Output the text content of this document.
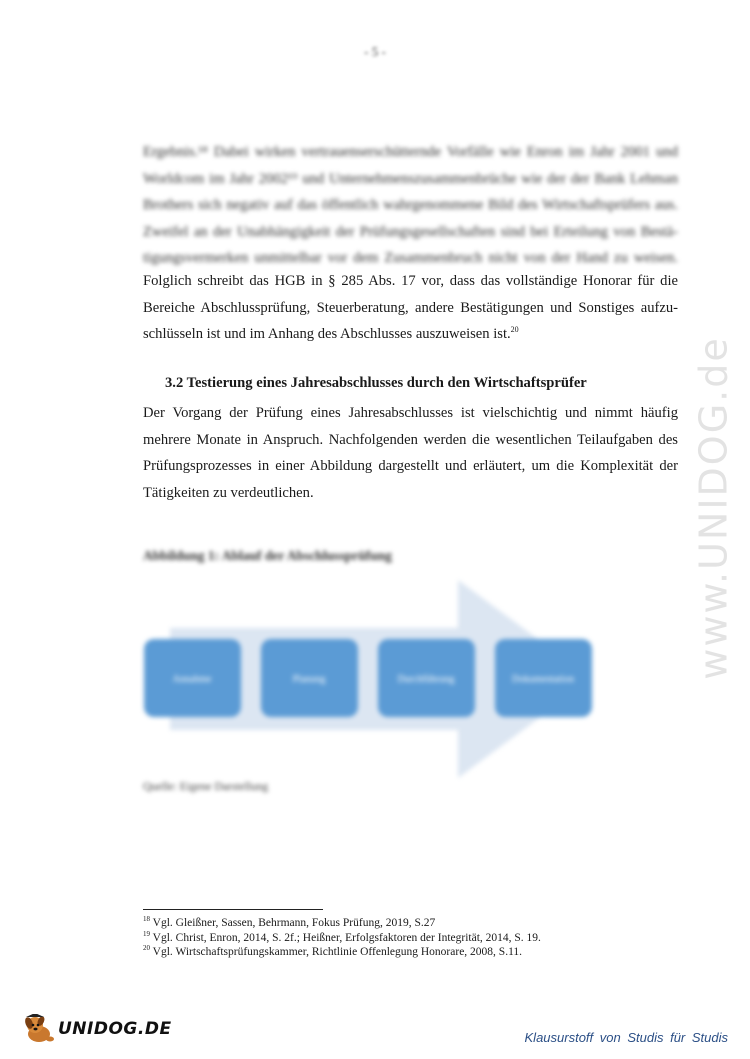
- 5 -

Ergebnis.¹⁸ Dabei wirken vertrauenserschütternde Vorfälle wie Enron im Jahr 2001 und
Worldcom im Jahr 2002¹⁹ und Unternehmenszusammenbrüche wie der der Bank Lehman
Brothers sich negativ auf das öffentlich wahrgenommene Bild des Wirtschaftsprüfers aus.
Zweifel an der Unabhängigkeit der Prüfungsgesellschaften sind bei Erteilung von Bestä-
tigungsvermerken unmittelbar vor dem Zusammenbruch nicht von der Hand zu weisen.

Folglich schreibt das HGB in § 285 Abs. 17 vor, dass das vollständige Honorar für die
Bereiche Abschlussprüfung, Steuerberatung, andere Bestätigungen und Sonstiges aufzu-
schlüsseln ist und im Anhang des Abschlusses auszuweisen ist.$^{20}$

3.2 Testierung eines Jahresabschlusses durch den Wirtschaftsprüfer

Der Vorgang der Prüfung eines Jahresabschlusses ist vielschichtig und nimmt häufig
mehrere Monate in Anspruch. Nachfolgenden werden die wesentlichen Teilaufgaben des
Prüfungsprozesses in einer Abbildung dargestellt und erläutert, um die Komplexität der
Tätigkeiten zu verdeutlichen.

Abbildung 1: Ablauf der Abschlussprüfung
Annahme	Planung	Durchführung	Dokumentation
Quelle: Eigene Darstellung
$^{18}$ Vgl. Gleißner, Sassen, Behrmann, Fokus Prüfung, 2019, S.27
$^{19}$ Vgl. Christ, Enron, 2014, S. 2f.; Heißner, Erfolgsfaktoren der Integrität, 2014, S. 19.
$^{20}$ Vgl. Wirtschaftsprüfungskammer, Richtlinie Offenlegung Honorare, 2008, S.11.
www.UNIDOG.de
UNIDOG.DE	Klausurstoff von Studis für Studis
